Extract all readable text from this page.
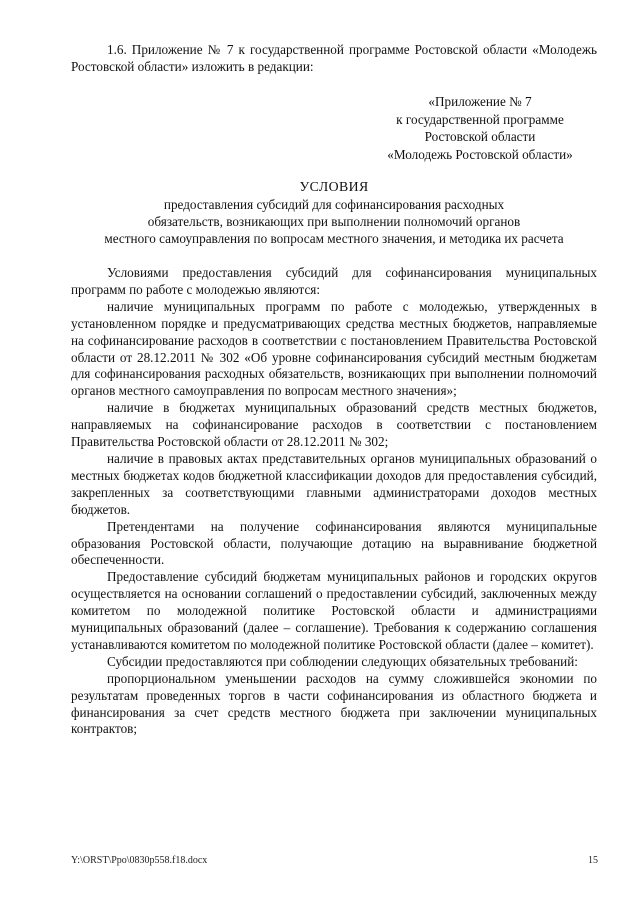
1.6. Приложение № 7 к государственной программе Ростовской области «Молодежь Ростовской области» изложить в редакции:

«Приложение № 7
к государственной программе
Ростовской области
«Молодежь Ростовской области»
УСЛОВИЯ
предоставления субсидий для софинансирования расходных
обязательств, возникающих при выполнении полномочий органов
местного самоуправления по вопросам местного значения, и методика их расчета

Условиями предоставления субсидий для софинансирования муниципальных программ по работе с молодежью являются:

наличие муниципальных программ по работе с молодежью, утвержденных в установленном порядке и предусматривающих средства местных бюджетов, направляемые на софинансирование расходов в соответствии с постановлением Правительства Ростовской области от 28.12.2011 № 302 «Об уровне софинансирования субсидий местным бюджетам для софинансирования расходных обязательств, возникающих при выполнении полномочий органов местного самоуправления по вопросам местного значения»;

наличие в бюджетах муниципальных образований средств местных бюджетов, направляемых на софинансирование расходов в соответствии с постановлением Правительства Ростовской области от 28.12.2011 № 302;

наличие в правовых актах представительных органов муниципальных образований о местных бюджетах кодов бюджетной классификации доходов для предоставления субсидий, закрепленных за соответствующими главными администраторами доходов местных бюджетов.

Претендентами на получение софинансирования являются муниципальные образования Ростовской области, получающие дотацию на выравнивание бюджетной обеспеченности.

Предоставление субсидий бюджетам муниципальных районов и городских округов осуществляется на основании соглашений о предоставлении субсидий, заключенных между комитетом по молодежной политике Ростовской области и администрациями муниципальных образований (далее – соглашение). Требования к содержанию соглашения устанавливаются комитетом по молодежной политике Ростовской области (далее – комитет).

Субсидии предоставляются при соблюдении следующих обязательных требований:

пропорциональном уменьшении расходов на сумму сложившейся экономии по результатам проведенных торгов в части софинансирования из областного бюджета и финансирования за счет средств местного бюджета при заключении муниципальных контрактов;

Y:\ORST\Ppo\0830p558.f18.docx	15
